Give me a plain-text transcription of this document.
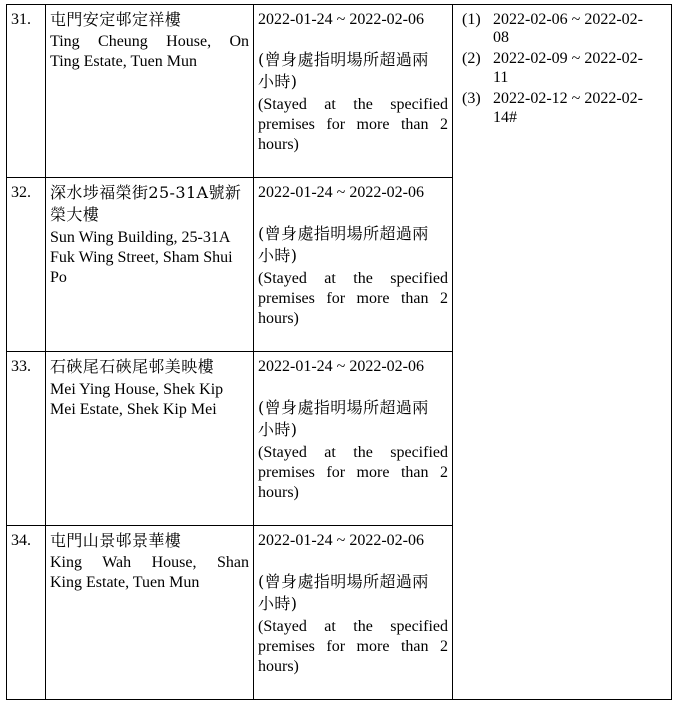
31. 屯門安定邨定祥樓
Ting Cheung House, On
Ting Estate, Tuen Mun
2022-01-24 ~ 2022-02-06
(曾身處指明場所超過兩
小時)
(Stayed at the specified
premises for more than 2
hours)
32. 深水埗福榮街25-31A號新
榮大樓
Sun Wing Building, 25-31A
Fuk Wing Street, Sham Shui
Po
2022-01-24 ~ 2022-02-06
(曾身處指明場所超過兩
小時)
(Stayed at the specified
premises for more than 2
hours)
33. 石硤尾石硤尾邨美映樓
Mei Ying House, Shek Kip
Mei Estate, Shek Kip Mei
2022-01-24 ~ 2022-02-06
(曾身處指明場所超過兩
小時)
(Stayed at the specified
premises for more than 2
hours)
34. 屯門山景邨景華樓
King Wah House, Shan
King Estate, Tuen Mun
2022-01-24 ~ 2022-02-06
(曾身處指明場所超過兩
小時)
(Stayed at the specified
premises for more than 2
hours)
(1) 2022-02-06 ~ 2022-02-
08
(2) 2022-02-09 ~ 2022-02-
11
(3) 2022-02-12 ~ 2022-02-
14#
